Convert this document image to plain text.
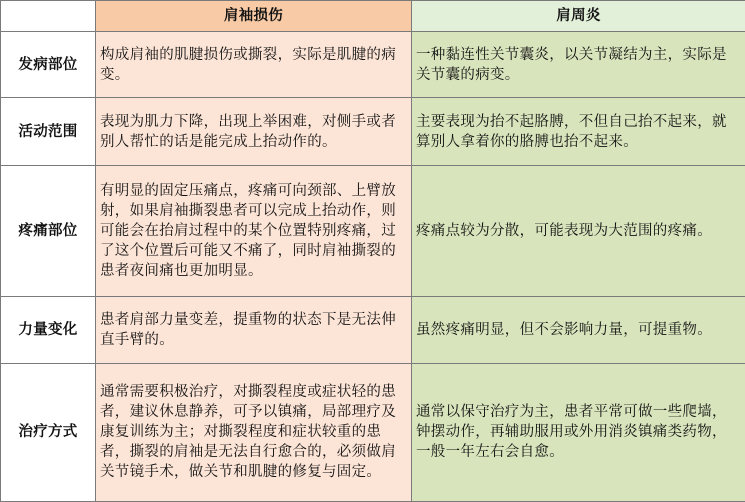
	肩袖损伤	肩周炎
发病部位	构成肩袖的肌腱损伤或撕裂，实际是肌腱的病变。	一种黏连性关节囊炎，以关节凝结为主，实际是关节囊的病变。
活动范围	表现为肌力下降，出现上举困难，对侧手或者别人帮忙的话是能完成上抬动作的。	主要表现为抬不起胳膊，不但自己抬不起来，就算别人拿着你的胳膊也抬不起来。
疼痛部位	有明显的固定压痛点，疼痛可向颈部、上臂放射，如果肩袖撕裂患者可以完成上抬动作，则可能会在抬肩过程中的某个位置特别疼痛，过了这个位置后可能又不痛了，同时肩袖撕裂的患者夜间痛也更加明显。	疼痛点较为分散，可能表现为大范围的疼痛。
力量变化	患者肩部力量变差，提重物的状态下是无法伸直手臂的。	虽然疼痛明显，但不会影响力量，可提重物。
治疗方式	通常需要积极治疗，对撕裂程度或症状轻的患者，建议休息静养，可予以镇痛，局部理疗及康复训练为主；对撕裂程度和症状较重的患者，撕裂的肩袖是无法自行愈合的，必须做肩关节镜手术，做关节和肌腱的修复与固定。	通常以保守治疗为主，患者平常可做一些爬墙，钟摆动作，再辅助服用或外用消炎镇痛类药物，一般一年左右会自愈。
